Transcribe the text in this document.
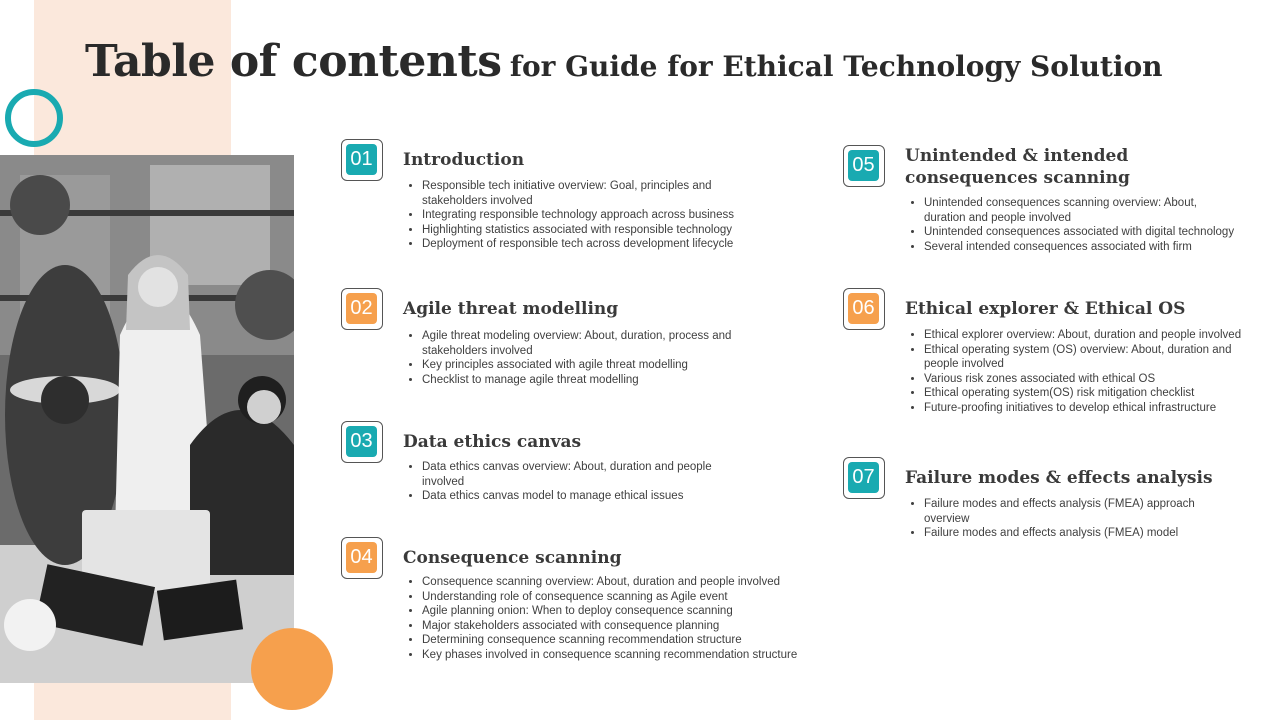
Table of contents for Guide for Ethical Technology Solution
01 Introduction
• Responsible tech initiative overview: Goal, principles and stakeholders involved
• Integrating responsible technology approach across business
• Highlighting statistics associated with responsible technology
• Deployment of responsible tech across development lifecycle
02 Agile threat modelling
• Agile threat modeling overview: About, duration, process and stakeholders involved
• Key principles associated with agile threat modelling
• Checklist to manage agile threat modelling
03 Data ethics canvas
• Data ethics canvas overview: About, duration and people involved
• Data ethics canvas model to manage ethical issues
04 Consequence scanning
• Consequence scanning overview: About, duration and people involved
• Understanding role of consequence scanning as Agile event
• Agile planning onion: When to deploy consequence scanning
• Major stakeholders associated with consequence planning
• Determining consequence scanning recommendation structure
• Key phases involved in consequence scanning recommendation structure
05 Unintended & intended
consequences scanning
• Unintended consequences scanning overview: About, duration and people involved
• Unintended consequences associated with digital technology
• Several intended consequences associated with firm
06 Ethical explorer & Ethical OS
• Ethical explorer overview: About, duration and people involved
• Ethical operating system (OS) overview: About, duration and people involved
• Various risk zones associated with ethical OS
• Ethical operating system(OS) risk mitigation checklist
• Future-proofing initiatives to develop ethical infrastructure
07 Failure modes & effects analysis
• Failure modes and effects analysis (FMEA) approach overview
• Failure modes and effects analysis (FMEA) model
